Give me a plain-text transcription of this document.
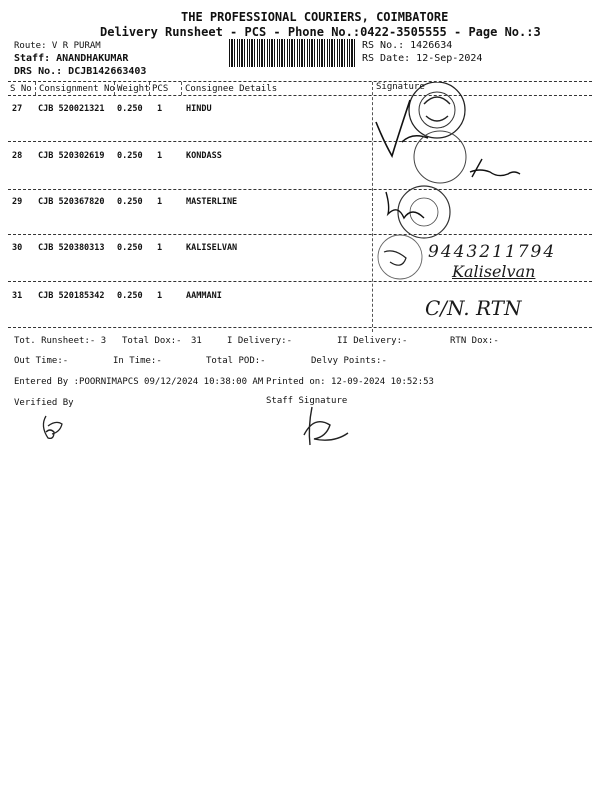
THE PROFESSIONAL COURIERS, COIMBATORE
Delivery Runsheet - PCS - Phone No.:0422-3505555 - Page No.:3
Route: V R PURAM
Staff: ANANDHAKUMAR
DRS No.: DCJB142663403
RS No.: 1426634
RS Date: 12-Sep-2024
S No Consignment No Weight PCS Consignee Details	Signature
27 CJB 520021321 0.250 1	HINDU
28 CJB 520302619 0.250 1	KONDASS
29 CJB 520367820 0.250 1	MASTERLINE
30 CJB 520380313 0.250 1	KALISELVAN
31 CJB 520185342 0.250 1	AAMMANI
9443211794
Kaliselvan
C/N. RTN
Tot. Runsheet:- 3 Total Dox:- 31	I Delivery:-	II Delivery:-	RTN Dox:-
Out Time:-	In Time:-	Total POD:-	Delvy Points:-
Entered By :POORNIMAPCS 09/12/2024 10:38:00 AM Printed on: 12-09-2024 10:52:53
Verified By	Staff Signature
